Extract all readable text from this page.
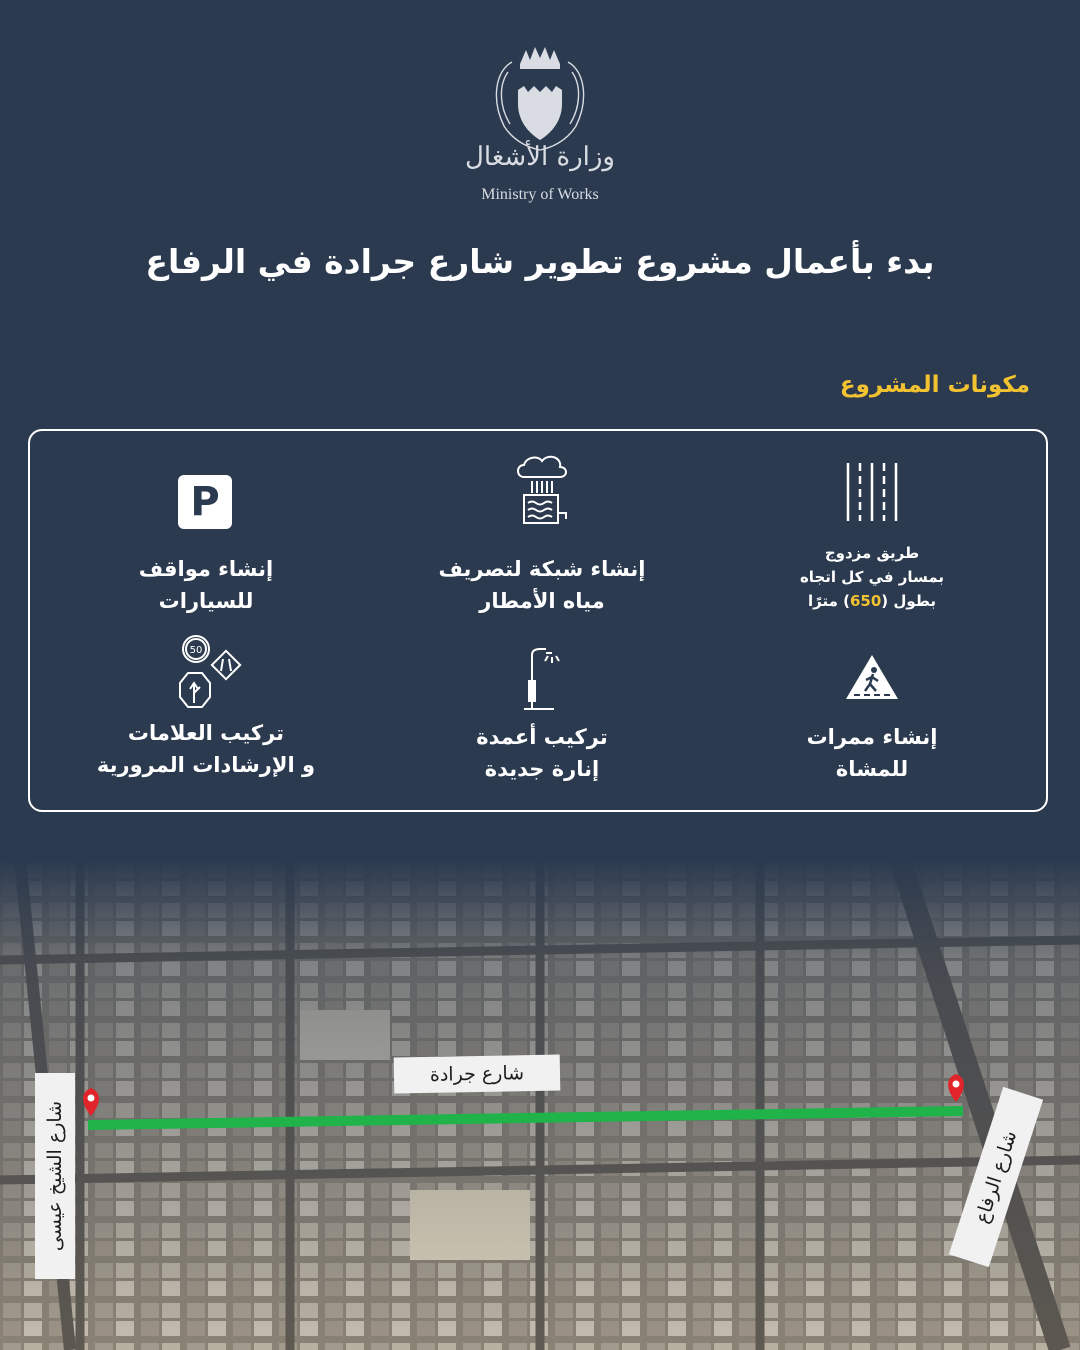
وزارة الأشغال
Ministry of Works
بدء بأعمال مشروع تطوير شارع جرادة في الرفاع
مكونات المشروع
طريق مزدوج
بمسار في كل اتجاه
بطول (650) مترًا
إنشاء شبكة لتصريف
مياه الأمطار
P
إنشاء مواقف
للسيارات
إنشاء ممرات
للمشاة
تركيب أعمدة
إنارة جديدة
50
تركيب العلامات
و الإرشادات المرورية
شارع جرادة
شارع الشيخ عيسى	شارع الرفاع
